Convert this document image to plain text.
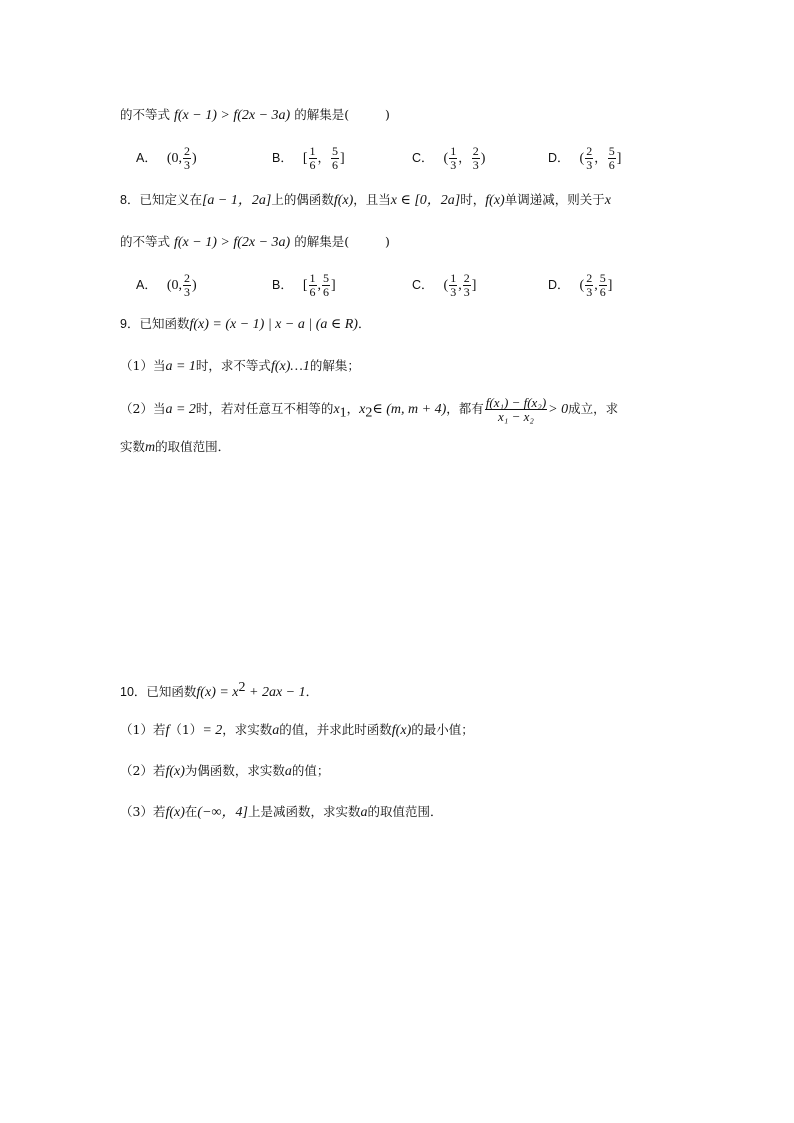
的不等式 f(x − 1) > f(2x − 3a) 的解集是(	)
A． (0, $\frac{2}{3}$ )	B． [ $\frac{1}{6}$ ， $\frac{5}{6}$ ]	C． ( $\frac{1}{3}$ ， $\frac{2}{3}$ )	D． ( $\frac{2}{3}$ ， $\frac{5}{6}$ ]
8．已知定义在[a − 1，2a]上的偶函数f(x)，且当x ∈ [0，2a]时，f(x)单调递减，则关于x
的不等式 f(x − 1) > f(2x − 3a) 的解集是(	)
A． (0, $\frac{2}{3}$ )	B． [ $\frac{1}{6}$ , $\frac{5}{6}$ ]	C． ( $\frac{1}{3}$ , $\frac{2}{3}$ ]	D． ( $\frac{2}{3}$ , $\frac{5}{6}$ ]
9．已知函数f(x) = (x − 1) | x − a | (a ∈ R)．
（1）当a = 1时，求不等式f(x)…1的解集；
（2）当a = 2时，若对任意互不相等的$x_1$，$x_2\in$ (m, m + 4)，都有 $\frac{\text{f(x₁) − f(x₂)}}{\text{x₁ − x₂}} > 0$成立，求
实数m的取值范围．
10．已知函数$f(x) = x^2 + 2ax - 1$．
（1）若f（1）= 2，求实数a的值，并求此时函数f(x)的最小值；
（2）若f(x)为偶函数，求实数a的值；
（3）若f(x)在(−∞，4]上是减函数，求实数a的取值范围．
